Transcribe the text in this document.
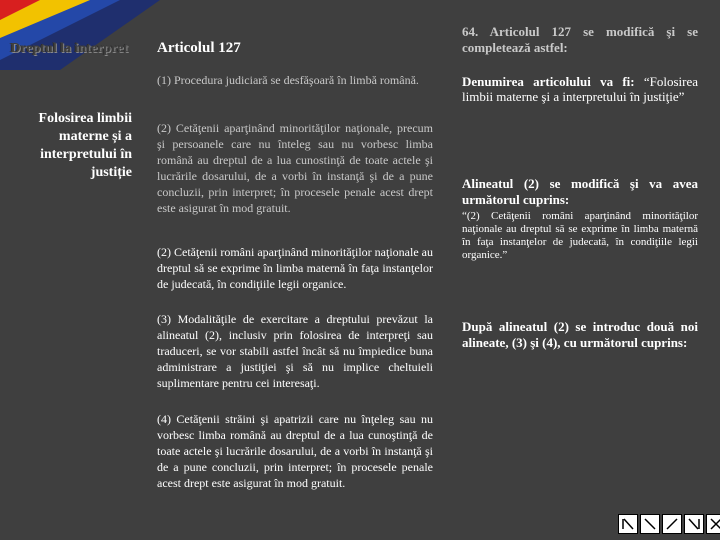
Dreptul la interpret
Folosirea limbii materne și a interpretului în justiție
Articolul 127
(1) Procedura judiciară se desfăşoară în limbă română.
(2) Cetăţenii aparţinând minorităţilor naţionale, precum şi persoanele care nu înteleg sau nu vorbesc limba română au dreptul de a lua cunostinţă de toate actele şi lucrările dosarului, de a vorbi în instanţă şi de a pune concluzii, prin interpret; în procesele penale acest drept este asigurat în mod gratuit.
(2) Cetăţenii români aparţinând minorităţilor naţionale au dreptul să se exprime în limba maternă în faţa instanţelor de judecată, în condiţiile legii organice.
(3) Modalităţile de exercitare a dreptului prevăzut la alineatul (2), inclusiv prin folosirea de interpreţi sau traduceri, se vor stabili astfel încât să nu împiedice buna administrare a justiţiei şi să nu implice cheltuieli suplimentare pentru cei interesaţi.
(4) Cetăţenii străini şi apatrizii care nu înţeleg sau nu vorbesc limba română au dreptul de a lua cunoştinţă de toate actele şi lucrările dosarului, de a vorbi în instanţă şi de a pune concluzii, prin interpret; în procesele penale acest drept este asigurat în mod gratuit.
64. Articolul 127 se modifică şi se completează astfel:
Denumirea articolului va fi: “Folosirea limbii materne şi a interpretului în justiţie”
Alineatul (2) se modifică şi va avea următorul cuprins:
“(2) Cetăţenii români aparţinând minorităţilor naţionale au dreptul să se exprime în limba maternă în faţa instanţelor de judecată, în condiţiile legii organice.”
După alineatul (2) se introduc două noi alineate, (3) şi (4), cu următorul cuprins:
